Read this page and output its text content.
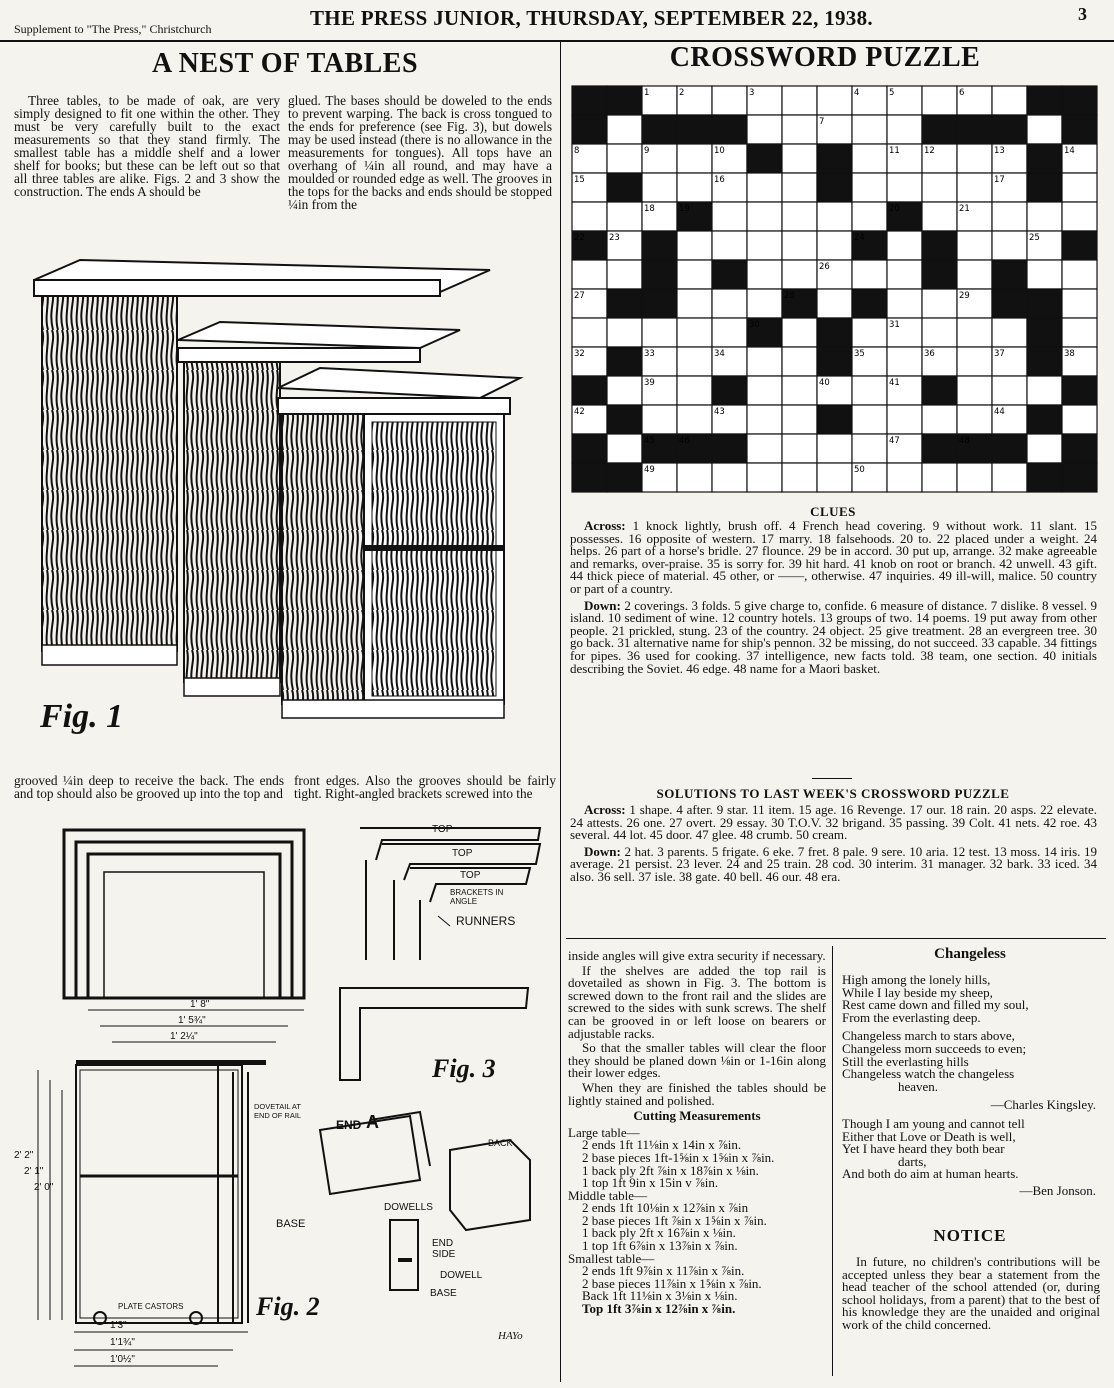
Supplement to "The Press," Christchurch	THE PRESS JUNIOR, THURSDAY, SEPTEMBER 22, 1938.	3
A NEST OF TABLES

Three tables, to be made of oak, are very simply designed to fit one within the other. They must be very carefully built to the exact measurements so that they stand firmly. The smallest table has a middle shelf and a lower shelf for books; but these can be left out so that all three tables are alike. Figs. 2 and 3 show the construction. The ends A should be

glued. The bases should be doweled to the ends to prevent warping. The back is cross tongued to the ends for preference (see Fig. 3), but dowels may be used instead (there is no allowance in the measurements for tongues). All tops have an overhang of ¼in all round, and may have a moulded or rounded edge as well. The grooves in the tops for the backs and ends should be stopped ¼in from the

Fig. 1

grooved ¼in deep to receive the back. The ends and top should also be grooved up into the top and

front edges. Also the grooves should be fairly tight. Right-angled brackets screwed into the

1' 8"
1' 5¾"
1' 2¼"
1'3"
1'1¾"
1'0½"
2' 2"
2' 1"
2' 0"
PLATE CASTORS	Fig. 2
TOP
TOP
TOP
BRACKETS IN ANGLE
RUNNERS
DOVETAIL AT END OF RAIL
END A
BACK
BASE
DOWELLS
END SIDE
DOWELL
BASE
Fig. 3
HAYo
CROSSWORD PUZZLE
1	2	3	4	5	6
7
8	9	10	11	12	13	14
15	16	17
18	19	20	21
22	23	24	25
26
27	28	29
30	31
32	33	34	35	36	37	38
39	40	41
42	43	44
45	46	47	48
49	50
CLUES

Across: 1 knock lightly, brush off. 4 French head covering. 9 without work. 11 slant. 15 possesses. 16 opposite of western. 17 marry. 18 falsehoods. 20 to. 22 placed under a weight. 24 helps. 26 part of a horse's bridle. 27 flounce. 29 be in accord. 30 put up, arrange. 32 make agreeable and remarks, over-praise. 35 is sorry for. 39 hit hard. 41 knob on root or branch. 42 unwell. 43 gift. 44 thick piece of material. 45 other, or ——, otherwise. 47 inquiries. 49 ill-will, malice. 50 country or part of a country.

Down: 2 coverings. 3 folds. 5 give charge to, confide. 6 measure of distance. 7 dislike. 8 vessel. 9 island. 10 sediment of wine. 12 country hotels. 13 groups of two. 14 poems. 19 put away from other people. 21 prickled, stung. 23 of the country. 24 object. 25 give treatment. 28 an evergreen tree. 30 go back. 31 alternative name for ship's pennon. 32 be missing, do not succeed. 33 capable. 34 fittings for pipes. 36 used for cooking. 37 intelligence, new facts told. 38 team, one section. 40 initials describing the Soviet. 46 edge. 48 name for a Maori basket.

SOLUTIONS TO LAST WEEK'S CROSSWORD PUZZLE

Across: 1 shape. 4 after. 9 star. 11 item. 15 age. 16 Revenge. 17 our. 18 rain. 20 asps. 22 elevate. 24 attests. 26 one. 27 overt. 29 essay. 30 T.O.V. 32 brigand. 35 passing. 39 Colt. 41 nets. 42 roe. 43 several. 44 lot. 45 door. 47 glee. 48 crumb. 50 cream.

Down: 2 hat. 3 parents. 5 frigate. 6 eke. 7 fret. 8 pale. 9 sere. 10 aria. 12 test. 13 moss. 14 iris. 19 average. 21 persist. 23 lever. 24 and 25 train. 28 cod. 30 interim. 31 manager. 32 bark. 33 iced. 34 also. 36 sell. 37 isle. 38 gate. 40 bell. 46 our. 48 era.

inside angles will give extra security if necessary.

If the shelves are added the top rail is dovetailed as shown in Fig. 3. The bottom is screwed down to the front rail and the slides are screwed to the sides with sunk screws. The shelf can be grooved in or left loose on bearers or adjustable racks.

So that the smaller tables will clear the floor they should be planed down ⅛in or 1-16in along their lower edges.

When they are finished the tables should be lightly stained and polished.

Cutting Measurements
Large table—
2 ends 1ft 11⅛in x 14in x ⅞in.
2 base pieces 1ft-1⅝in x 1⅝in x ⅞in.
1 back ply 2ft ⅞in x 18⅞in x ⅛in.
1 top 1ft 9in x 15in v ⅞in.
Middle table—
2 ends 1ft 10⅛in x 12⅞in x ⅞in
2 base pieces 1ft ⅞in x 1⅝in x ⅞in.
1 back ply 2ft x 16⅞in x ⅛in.
1 top 1ft 6⅞in x 13⅞in x ⅞in.
Smallest table—
2 ends 1ft 9⅞in x 11⅞in x ⅞in.
2 base pieces 11⅞in x 1⅝in x ⅞in.
Back 1ft 11⅛in x 3⅛in x ⅛in.
Top 1ft 3⅞in x 12⅞in x ⅞in.
Changeless

High among the lonely hills,

While I lay beside my sheep,

Rest came down and filled my soul,

From the everlasting deep.

Changeless march to stars above,

Changeless morn succeeds to even;

Still the everlasting hills

Changeless watch the changeless

heaven.

—Charles Kingsley.

Though I am young and cannot tell

Either that Love or Death is well,

Yet I have heard they both bear

darts,

And both do aim at human hearts.

—Ben Jonson.
NOTICE

In future, no children's contributions will be accepted unless they bear a statement from the head teacher of the school attended (or, during school holidays, from a parent) that to the best of his knowledge they are the unaided and original work of the child concerned.
